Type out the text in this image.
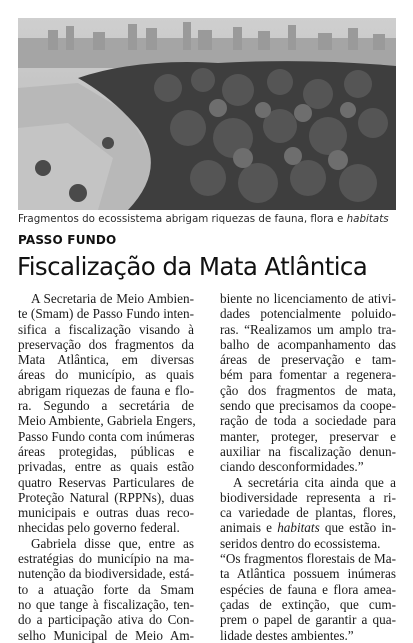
Fragmentos do ecossistema abrigam riquezas de fauna, flora e habitats
PASSO FUNDO
Fiscalização da Mata Atlântica
A Secretaria de Meio Ambien-
te (Smam) de Passo Fundo inten-
sifica a fiscalização visando à
preservação dos fragmentos da
Mata Atlântica, em diversas
áreas do município, as quais
abrigam riquezas de fauna e flo-
ra. Segundo a secretária de
Meio Ambiente, Gabriela Engers,
Passo Fundo conta com inúmeras
áreas protegidas, públicas e
privadas, entre as quais estão
quatro Reservas Particulares de
Proteção Natural (RPPNs), duas
municipais e outras duas reco-
nhecidas pelo governo federal.
Gabriela disse que, entre as
estratégias do município na ma-
nutenção da biodiversidade, está-
to a atuação forte da Smam
no que tange à fiscalização, ten-
do a participação ativa do Con-
selho Municipal de Meio Am-
biente no licenciamento de ativi-
dades potencialmente poluido-
ras. “Realizamos um amplo tra-
balho de acompanhamento das
áreas de preservação e tam-
bém para fomentar a regenera-
ção dos fragmentos de mata,
sendo que precisamos da coope-
ração de toda a sociedade para
manter, proteger, preservar e
auxiliar na fiscalização denun-
ciando desconformidades.”
A secretária cita ainda que a
biodiversidade representa a ri-
ca variedade de plantas, flores,
animais e habitats que estão in-
seridos dentro do ecossistema.
“Os fragmentos florestais de Ma-
ta Atlântica possuem inúmeras
espécies de fauna e flora amea-
çadas de extinção, que cum-
prem o papel de garantir a qua-
lidade destes ambientes.”
